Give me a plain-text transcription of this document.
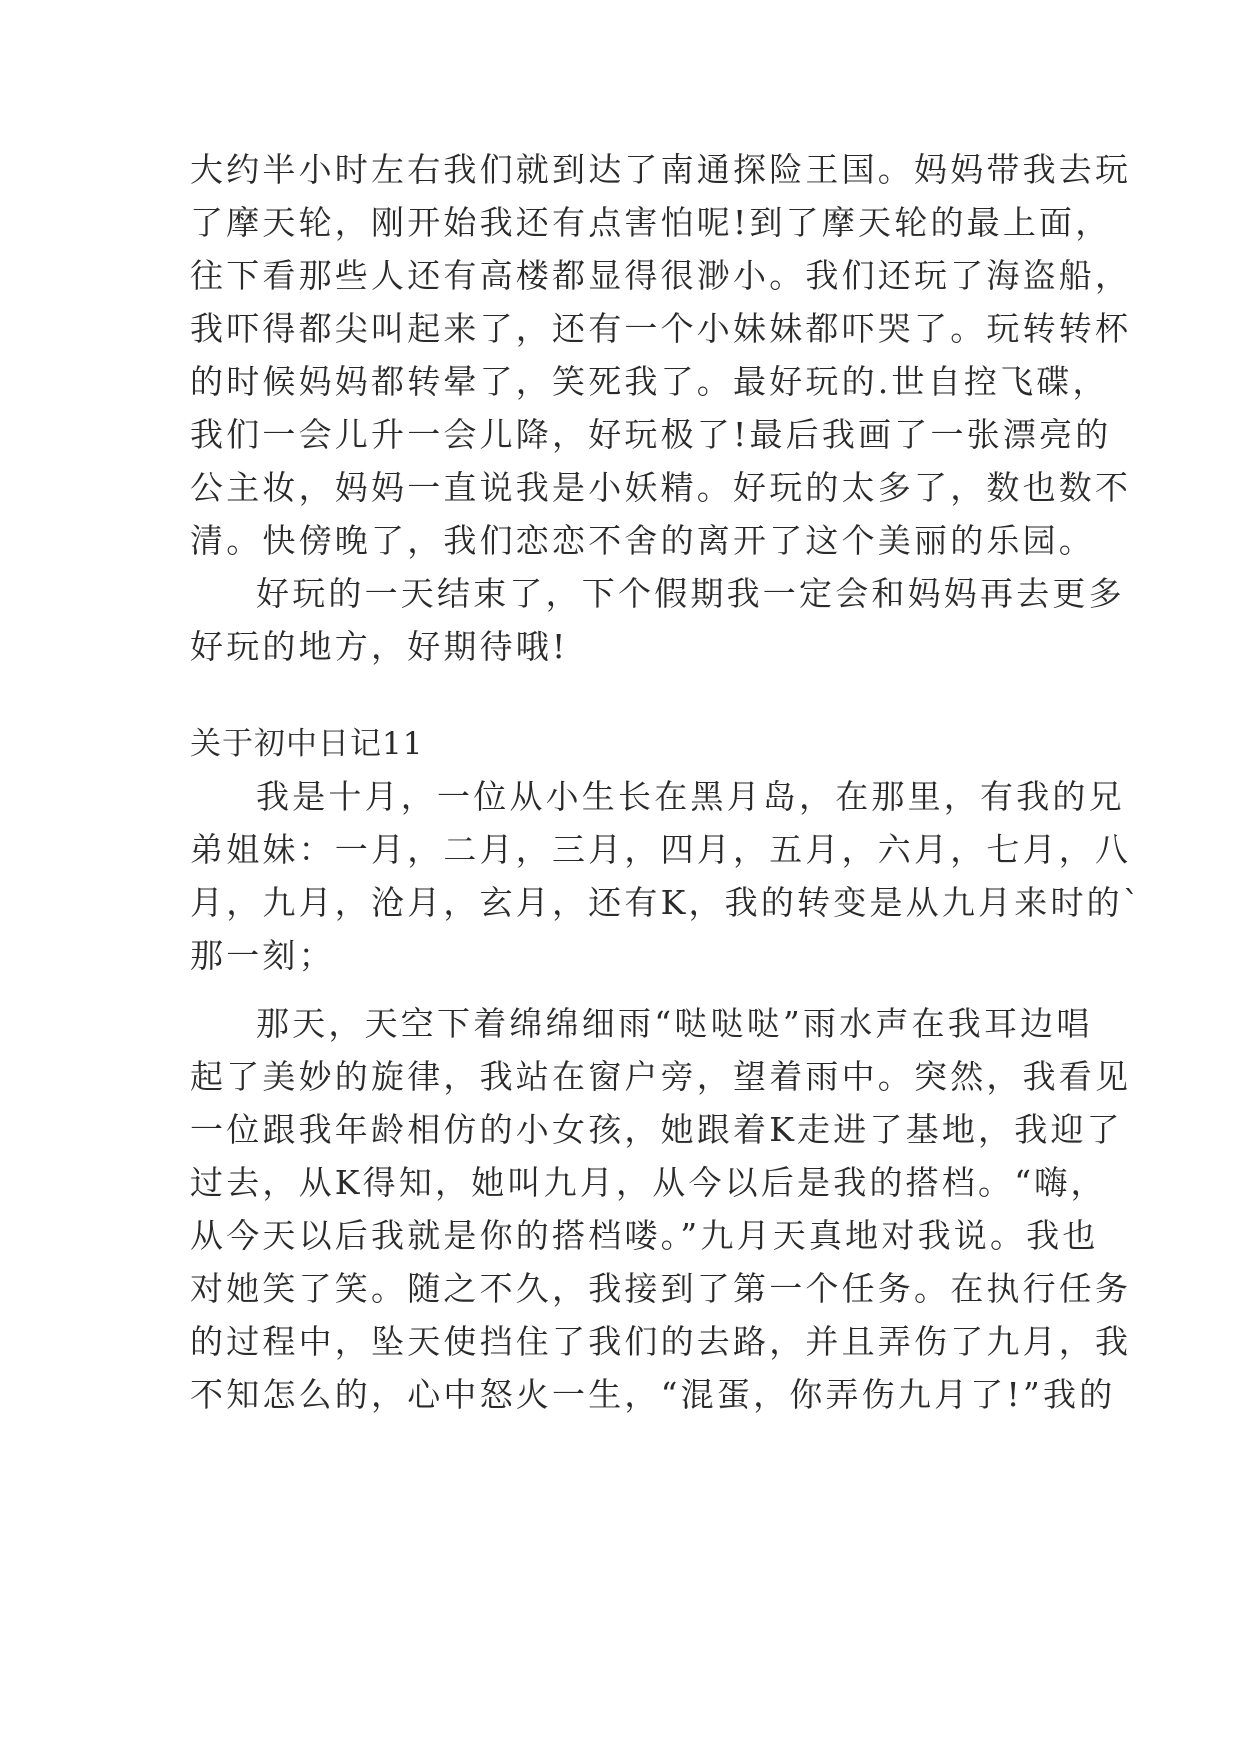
大约半小时左右我们就到达了南通探险王国。妈妈带我去玩
了摩天轮，刚开始我还有点害怕呢!到了摩天轮的最上面，
往下看那些人还有高楼都显得很渺小。我们还玩了海盗船，
我吓得都尖叫起来了，还有一个小妹妹都吓哭了。玩转转杯
的时候妈妈都转晕了，笑死我了。最好玩的.世自控飞碟，
我们一会儿升一会儿降，好玩极了!最后我画了一张漂亮的
公主妆，妈妈一直说我是小妖精。好玩的太多了，数也数不
清。快傍晚了，我们恋恋不舍的离开了这个美丽的乐园。
好玩的一天结束了，下个假期我一定会和妈妈再去更多
好玩的地方，好期待哦!
关于初中日记11
我是十月，一位从小生长在黑月岛，在那里，有我的兄
弟姐妹：一月，二月，三月，四月，五月，六月，七月，八
月，九月，沧月，玄月，还有K，我的转变是从九月来时的`
那一刻；
那天，天空下着绵绵细雨“哒哒哒”雨水声在我耳边唱
起了美妙的旋律，我站在窗户旁，望着雨中。突然，我看见
一位跟我年龄相仿的小女孩，她跟着K走进了基地，我迎了
过去，从K得知，她叫九月，从今以后是我的搭档。“嗨，
从今天以后我就是你的搭档喽。”九月天真地对我说。我也
对她笑了笑。随之不久，我接到了第一个任务。在执行任务
的过程中，坠天使挡住了我们的去路，并且弄伤了九月，我
不知怎么的，心中怒火一生，“混蛋，你弄伤九月了!”我的
